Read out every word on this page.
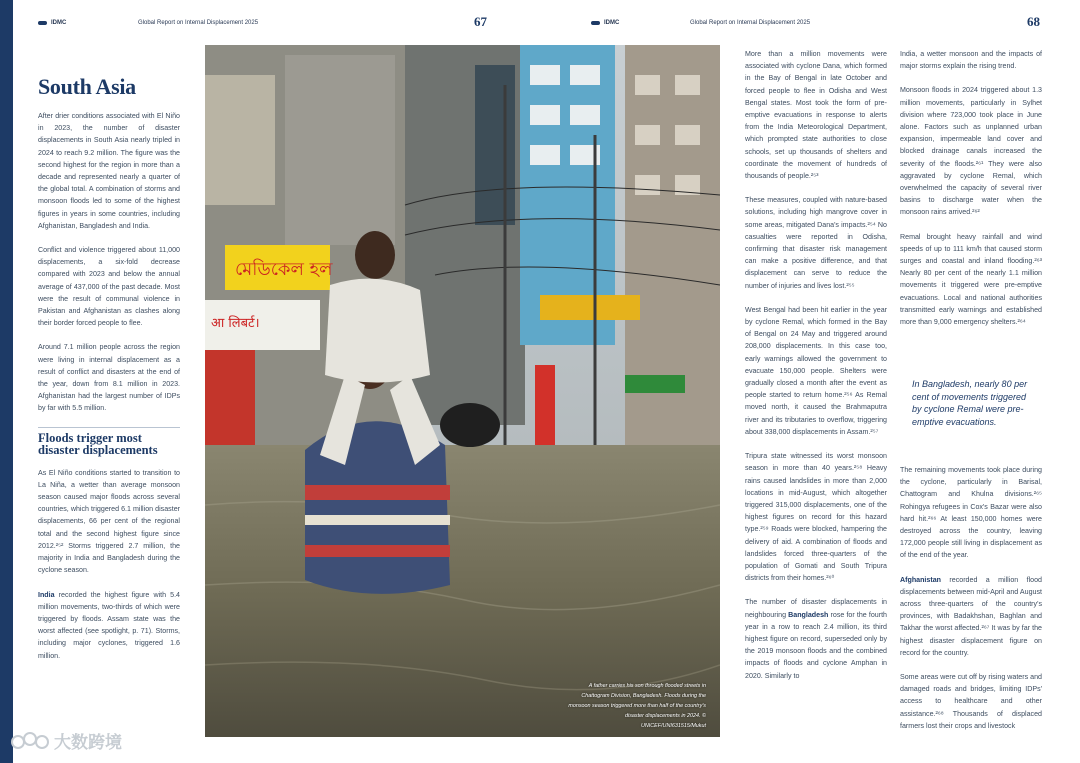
IDMC	Global Report on Internal Displacement 2025	67	IDMC	Global Report on Internal Displacement 2025	68
South Asia

After drier conditions associated with El Niño in 2023, the number of disaster displacements in South Asia nearly tripled in 2024 to reach 9.2 million. The figure was the second highest for the region in more than a decade and represented nearly a quarter of the global total. A combination of storms and monsoon floods led to some of the highest figures in years in some countries, including Afghanistan, Bangladesh and India.

Conflict and violence triggered about 11,000 displacements, a six-fold decrease compared with 2023 and below the annual average of 437,000 of the past decade. Most were the result of communal violence in Pakistan and Afghanistan as clashes along their border forced people to flee.

Around 7.1 million people across the region were living in internal displacement as a result of conflict and disasters at the end of the year, down from 8.1 million in 2023. Afghanistan had the largest number of IDPs by far with 5.5 million.

Floods trigger most disaster displacements

As El Niño conditions started to transition to La Niña, a wetter than average monsoon season caused major floods across several countries, which triggered 6.1 million disaster displacements, 66 per cent of the regional total and the second highest figure since 2012.²⁵² Storms triggered 2.7 million, the majority in India and Bangladesh during the cyclone season.

India recorded the highest figure with 5.4 million movements, two-thirds of which were triggered by floods. Assam state was the worst affected (see spotlight, p. 71). Storms, including major cyclones, triggered 1.6 million.

মেডিকেল হল
आ लिबर्ट।
A father carries his son through flooded streets in Chattogram Division, Bangladesh. Floods during the monsoon season triggered more than half of the country's disaster displacements in 2024. © UNICEF/UNI631515/Mukut

More than a million movements were associated with cyclone Dana, which formed in the Bay of Bengal in late October and forced people to flee in Odisha and West Bengal states. Most took the form of pre-emptive evacuations in response to alerts from the India Meteorological Department, which prompted state authorities to close schools, set up thousands of shelters and coordinate the movement of hundreds of thousands of people.²⁵³

These measures, coupled with nature-based solutions, including high mangrove cover in some areas, mitigated Dana's impacts.²⁵⁴ No casualties were reported in Odisha, confirming that disaster risk management can make a positive difference, and that displacement can serve to reduce the number of injuries and lives lost.²⁵⁵

West Bengal had been hit earlier in the year by cyclone Remal, which formed in the Bay of Bengal on 24 May and triggered around 208,000 displacements. In this case too, early warnings allowed the government to evacuate 150,000 people. Shelters were gradually closed a month after the event as people started to return home.²⁵⁶ As Remal moved north, it caused the Brahmaputra river and its tributaries to overflow, triggering about 338,000 displacements in Assam.²⁵⁷

Tripura state witnessed its worst monsoon season in more than 40 years.²⁵⁸ Heavy rains caused landslides in more than 2,000 locations in mid-August, which altogether triggered 315,000 displacements, one of the highest figures on record for this hazard type.²⁵⁹ Roads were blocked, hampering the delivery of aid. A combination of floods and landslides forced three-quarters of the population of Gomati and South Tripura districts from their homes.²⁶⁰

The number of disaster displacements in neighbouring Bangladesh rose for the fourth year in a row to reach 2.4 million, its third highest figure on record, superseded only by the 2019 monsoon floods and the combined impacts of floods and cyclone Amphan in 2020. Similarly to

India, a wetter monsoon and the impacts of major storms explain the rising trend.

Monsoon floods in 2024 triggered about 1.3 million movements, particularly in Sylhet division where 723,000 took place in June alone. Factors such as unplanned urban expansion, impermeable land cover and blocked drainage canals increased the severity of the floods.²⁶¹ They were also aggravated by cyclone Remal, which overwhelmed the capacity of several river basins to discharge water when the monsoon rains arrived.²⁶²

Remal brought heavy rainfall and wind speeds of up to 111 km/h that caused storm surges and coastal and inland flooding.²⁶³ Nearly 80 per cent of the nearly 1.1 million movements it triggered were pre-emptive evacuations. Local and national authorities transmitted early warnings and established more than 9,000 emergency shelters.²⁶⁴

In Bangladesh, nearly 80 per cent of movements triggered by cyclone Remal were pre-emptive evacuations.

The remaining movements took place during the cyclone, particularly in Barisal, Chattogram and Khulna divisions.²⁶⁵ Rohingya refugees in Cox's Bazar were also hard hit.²⁶⁶ At least 150,000 homes were destroyed across the country, leaving 172,000 people still living in displacement as of the end of the year.

Afghanistan recorded a million flood displacements between mid-April and August across three-quarters of the country's provinces, with Badakhshan, Baghlan and Takhar the worst affected.²⁶⁷ It was by far the highest disaster displacement figure on record for the country.

Some areas were cut off by rising waters and damaged roads and bridges, limiting IDPs' access to healthcare and other assistance.²⁶⁸ Thousands of displaced farmers lost their crops and livestock

大数跨境
